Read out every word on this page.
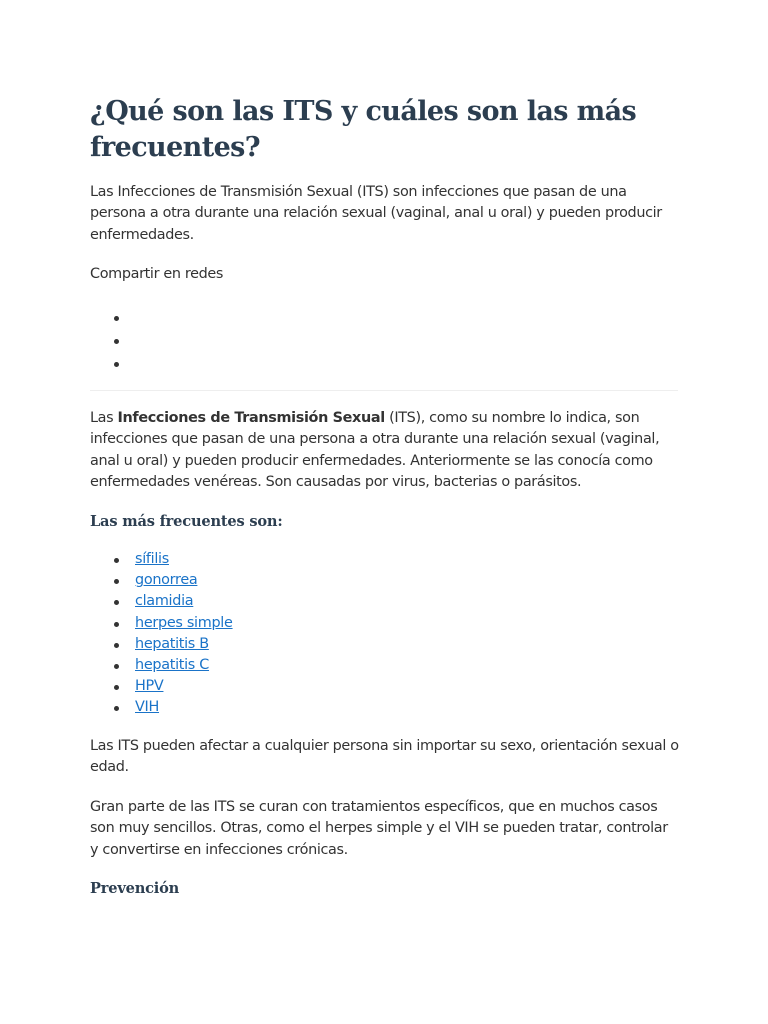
¿Qué son las ITS y cuáles son las más frecuentes?

Las Infecciones de Transmisión Sexual (ITS) son infecciones que pasan de una persona a otra durante una relación sexual (vaginal, anal u oral) y pueden producir enfermedades.

Compartir en redes

Las Infecciones de Transmisión Sexual (ITS), como su nombre lo indica, son infecciones que pasan de una persona a otra durante una relación sexual (vaginal, anal u oral) y pueden producir enfermedades. Anteriormente se las conocía como enfermedades venéreas. Son causadas por virus, bacterias o parásitos.

Las más frecuentes son:
sífilis
gonorrea
clamidia
herpes simple
hepatitis B
hepatitis C
HPV
VIH

Las ITS pueden afectar a cualquier persona sin importar su sexo, orientación sexual o edad.

Gran parte de las ITS se curan con tratamientos específicos, que en muchos casos son muy sencillos. Otras, como el herpes simple y el VIH se pueden tratar, controlar y convertirse en infecciones crónicas.

Prevención
